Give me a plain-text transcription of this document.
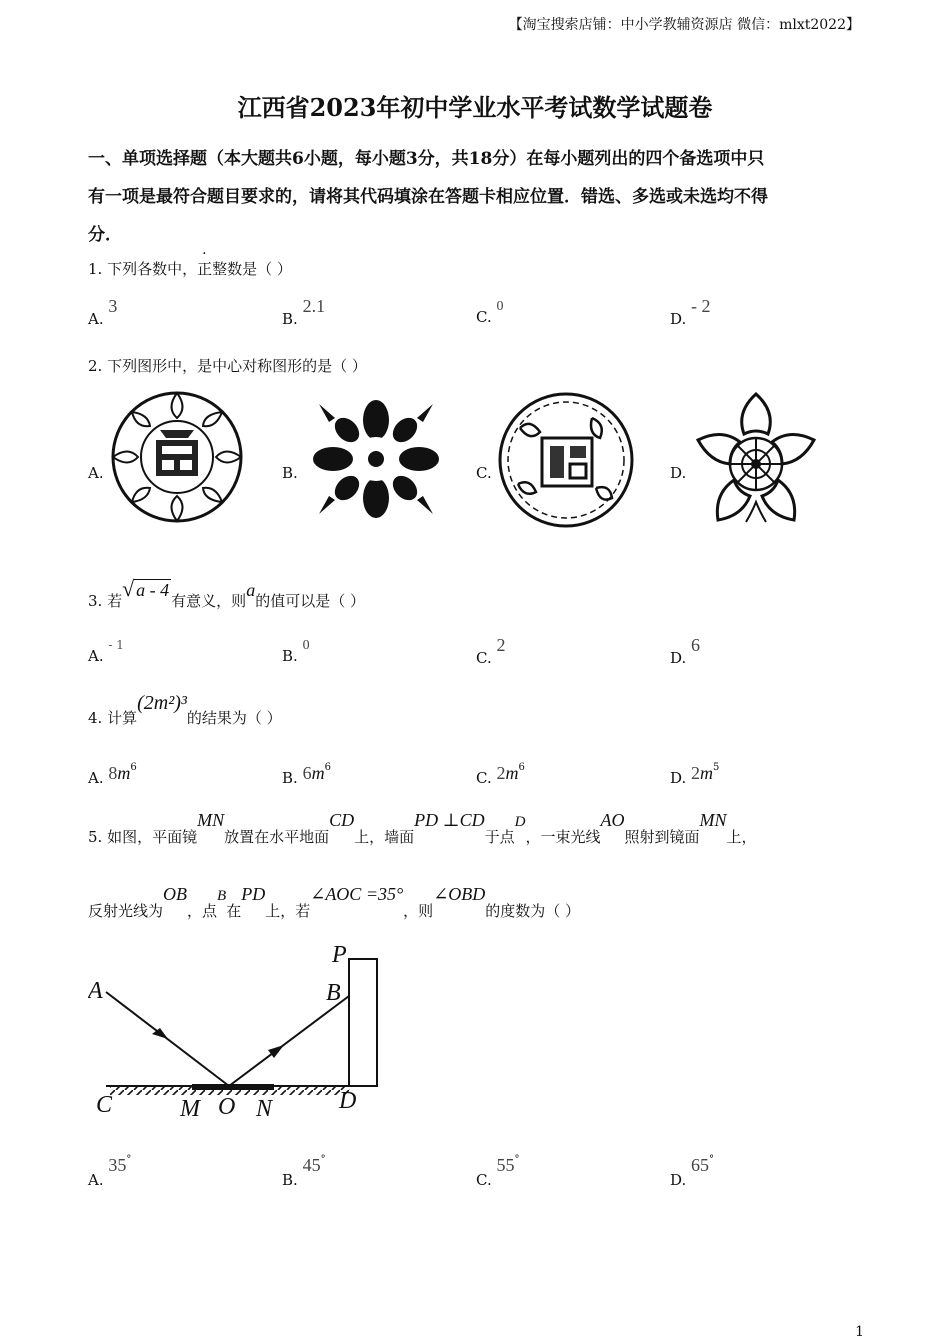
【淘宝搜索店铺：中小学教辅资源店 微信：mlxt2022】
江西省2023年初中学业水平考试数学试题卷
一、单项选择题（本大题共6小题，每小题3分，共18分）在每小题列出的四个备选项中只
有一项是最符合题目要求的，请将其代码填涂在答题卡相应位置．错选、多选或未选均不得
分．
1. 下列各数中，正整数是（ ）
A. 3
B. 2.1
C. 0
D. - 2
2. 下列图形中，是中心对称图形的是（ ）
A.	B.	C.	D.
3. 若√ a - 4有意义，则a的值可以是（ ）
A. $^{- 1}$
B. 0
C. 2
D. 6
4. 计算(2m²)³的结果为（ ）
A. $8m^6$
B. $6m^6$
C. $2m^6$
D. $2m^5$
5. 如图，平面镜MN放置在水平地面CD上，墙面PD ⊥CD于点D，一束光线AO照射到镜面MN上，
反射光线为OB，点B在PD上，若∠AOC =35°，则∠OBD的度数为（ ）
A
P
B
C	M O N	D
A. 35°
B. 45°
C. 55°
D. 65°
1
